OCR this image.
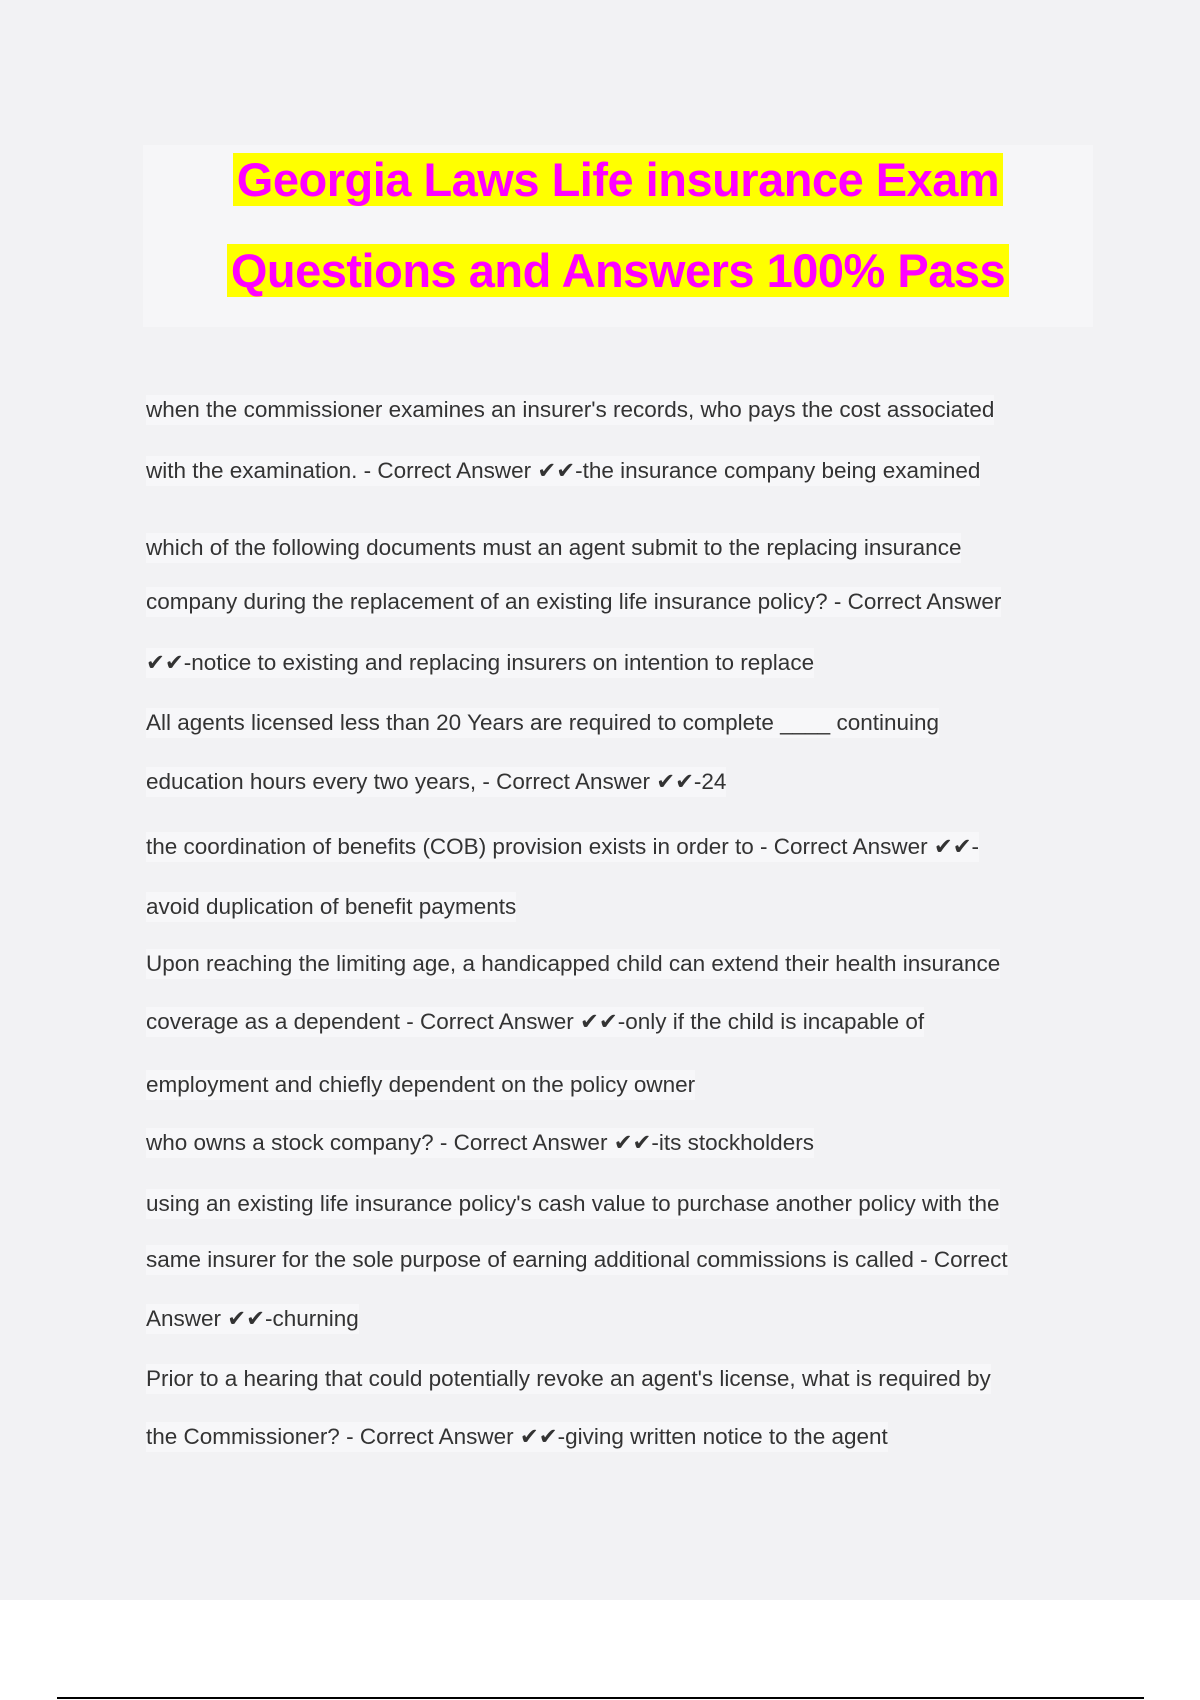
Georgia Laws Life insurance Exam
Questions and Answers 100% Pass
when the commissioner examines an insurer's records, who pays the cost associated
with the examination. - Correct Answer ✔✔-the insurance company being examined
which of the following documents must an agent submit to the replacing insurance
company during the replacement of an existing life insurance policy? - Correct Answer
✔✔-notice to existing and replacing insurers on intention to replace
All agents licensed less than 20 Years are required to complete ____ continuing
education hours every two years, - Correct Answer ✔✔-24
the coordination of benefits (COB) provision exists in order to - Correct Answer ✔✔-
avoid duplication of benefit payments
Upon reaching the limiting age, a handicapped child can extend their health insurance
coverage as a dependent - Correct Answer ✔✔-only if the child is incapable of
employment and chiefly dependent on the policy owner
who owns a stock company? - Correct Answer ✔✔-its stockholders
using an existing life insurance policy's cash value to purchase another policy with the
same insurer for the sole purpose of earning additional commissions is called - Correct
Answer ✔✔-churning
Prior to a hearing that could potentially revoke an agent's license, what is required by
the Commissioner? - Correct Answer ✔✔-giving written notice to the agent
